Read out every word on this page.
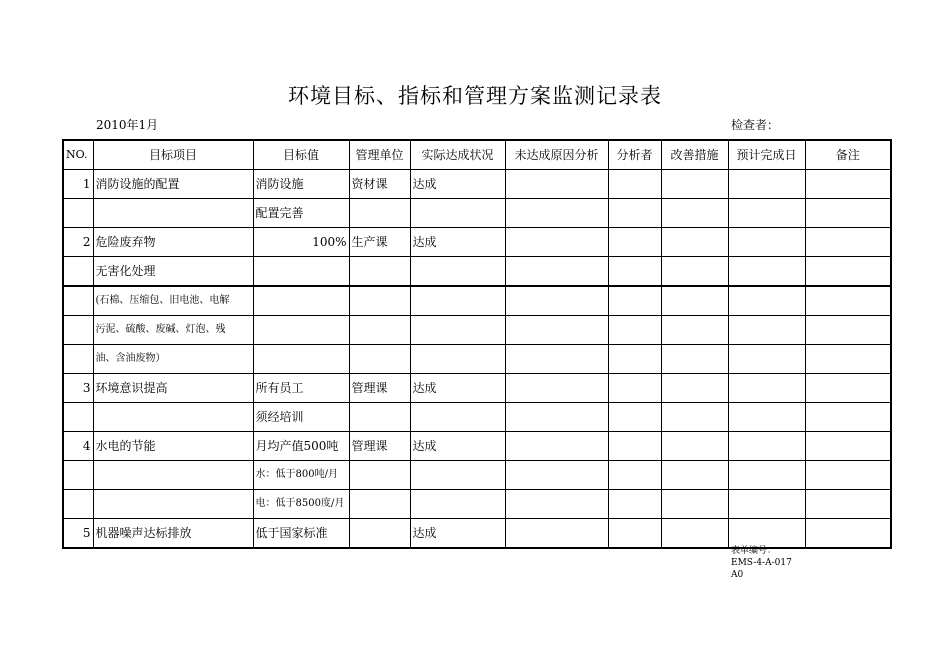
环境目标、指标和管理方案监测记录表
2010年1月	检查者：
NO.	目标项目	目标值	管理单位	实际达成状况	未达成原因分析	分析者	改善措施	预计完成日	备注
1	消防设施的配置	消防设施	资材课	达成					
		配置完善							
2	危险废弃物	100%	生产课	达成					
	无害化处理								
	(石棉、压缩包、旧电池、电解								
	污泥、硫酸、废碱、灯泡、残								
	油、含油废物）								
3	环境意识提高	所有员工	管理课	达成					
		须经培训							
4	水电的节能	月均产值500吨	管理课	达成					
		水：低于800吨/月							
		电：低于8500度/月							
5	机器噪声达标排放	低于国家标准		达成					
表单编号：
EMS-4-A-017
A0
